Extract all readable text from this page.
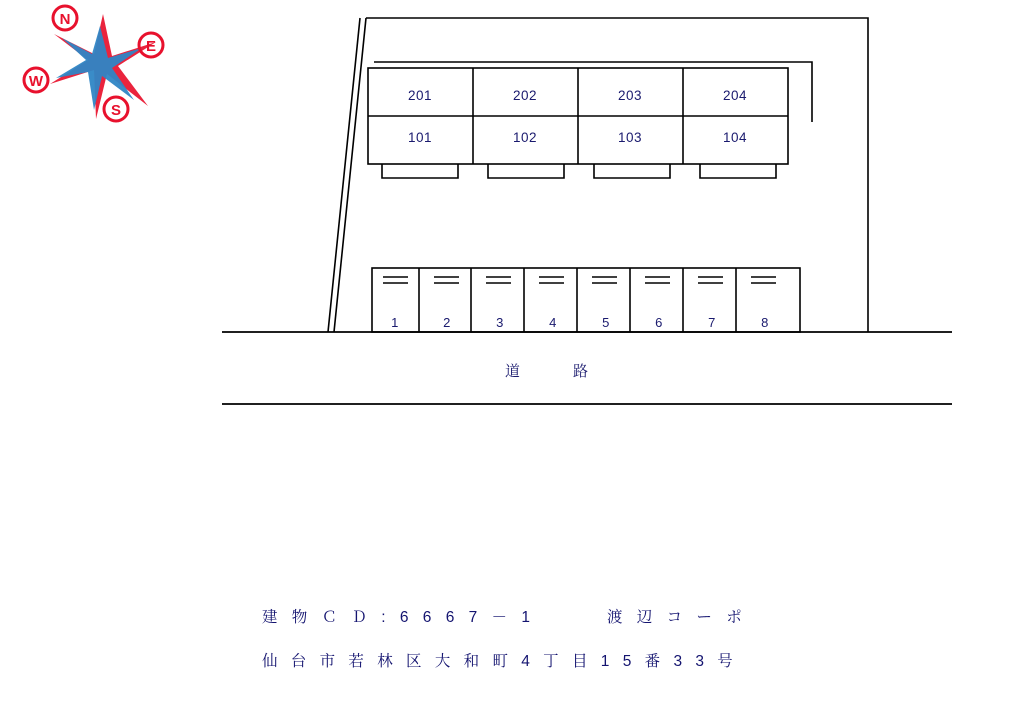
N
E
S
W
201	202	203	204
101	102	103	104
1	2	3	4	5	6	7	8
道　　　路
建 物 Ｃ Ｄ : 6 6 6 7 － 1	渡 辺 コ ー ポ
仙 台 市 若 林 区 大 和 町 4 丁 目 1 5 番 3 3 号
